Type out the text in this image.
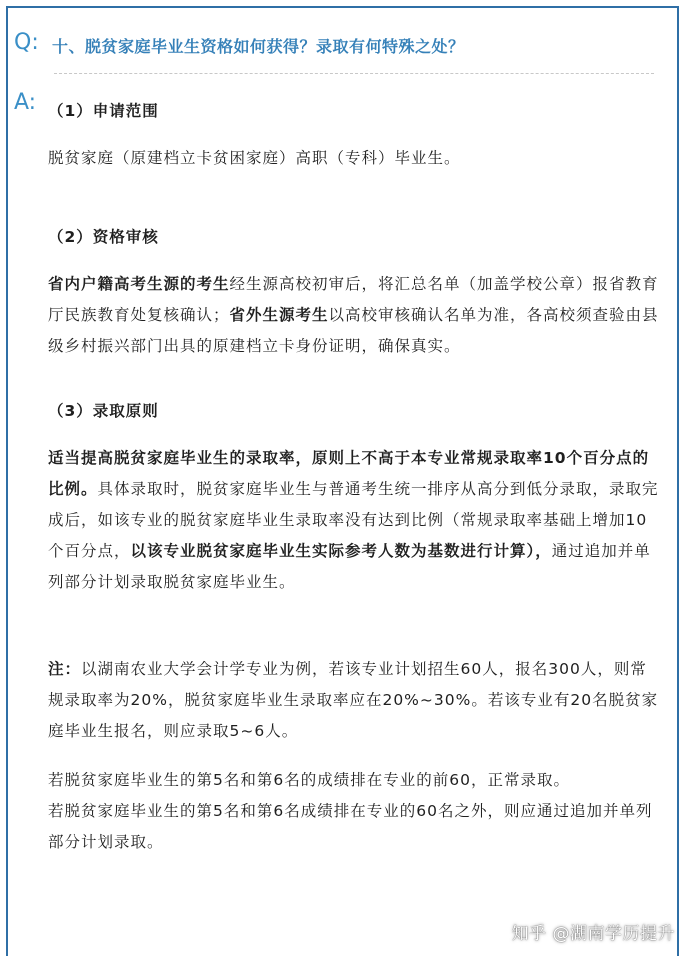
Q: 十、脱贫家庭毕业生资格如何获得？录取有何特殊之处？
A: （1）申请范围

脱贫家庭（原建档立卡贫困家庭）高职（专科）毕业生。

（2）资格审核

省内户籍高考生源的考生经生源高校初审后，将汇总名单（加盖学校公章）报省教育厅民族教育处复核确认；省外生源考生以高校审核确认名单为准，各高校须查验由县级乡村振兴部门出具的原建档立卡身份证明，确保真实。

（3）录取原则

适当提高脱贫家庭毕业生的录取率，原则上不高于本专业常规录取率10个百分点的比例。具体录取时，脱贫家庭毕业生与普通考生统一排序从高分到低分录取，录取完成后，如该专业的脱贫家庭毕业生录取率没有达到比例（常规录取率基础上增加10个百分点，以该专业脱贫家庭毕业生实际参考人数为基数进行计算），通过追加并单列部分计划录取脱贫家庭毕业生。

注：以湖南农业大学会计学专业为例，若该专业计划招生60人，报名300人，则常规录取率为20%，脱贫家庭毕业生录取率应在20%~30%。若该专业有20名脱贫家庭毕业生报名，则应录取5~6人。

若脱贫家庭毕业生的第5名和第6名的成绩排在专业的前60，正常录取。

若脱贫家庭毕业生的第5名和第6名成绩排在专业的60名之外，则应通过追加并单列部分计划录取。

知乎 @湖南学历提升
